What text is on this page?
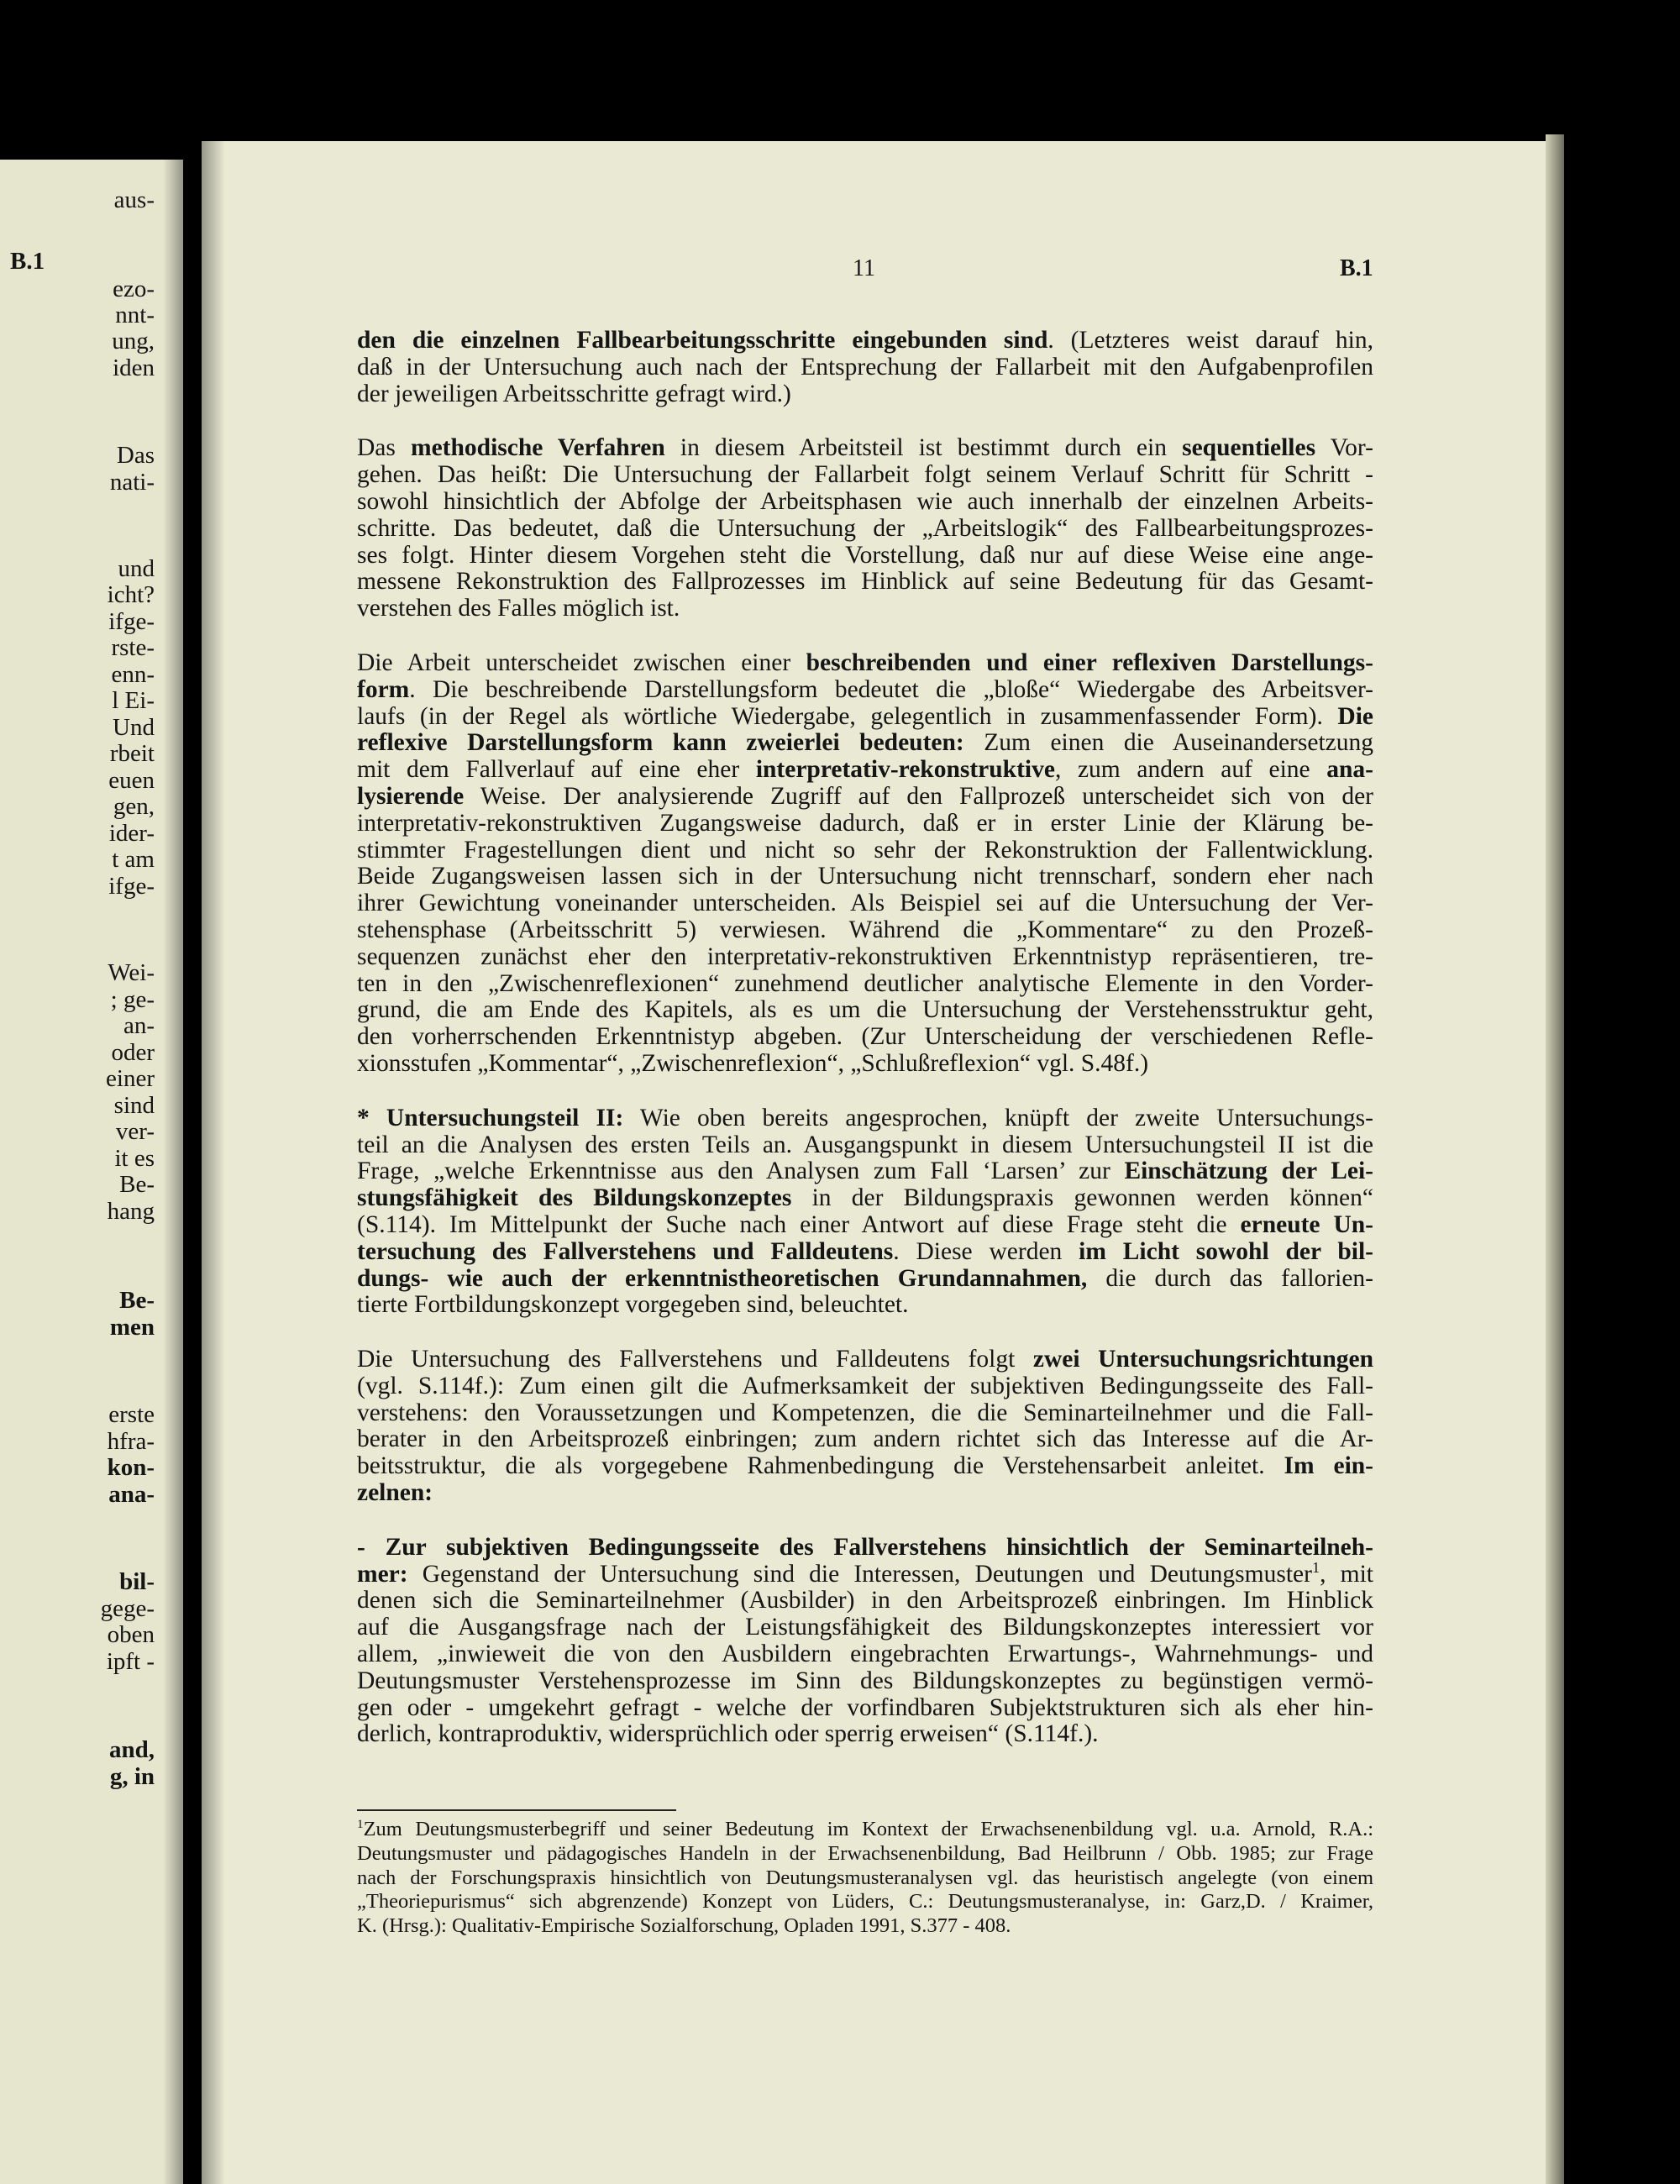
B.1
aus-
ezo-
nnt-
ung,
iden
Das
nati-
und
icht?
ifge-
rste-
enn-
l Ei-
Und
rbeit
euen
gen,
ider-
t am
ifge-
Wei-
; ge-
an-
oder
einer
sind
ver-
it es
Be-
hang
Be-
men
erste
hfra-
kon-
ana-
bil-
gege-
oben
ipft -
and,
g, in
11	B.1

den die einzelnen Fallbearbeitungsschritte eingebunden sind. (Letzteres weist darauf hin,
daß in der Untersuchung auch nach der Entsprechung der Fallarbeit mit den Aufgabenprofilen
der jeweiligen Arbeitsschritte gefragt wird.)

Das methodische Verfahren in diesem Arbeitsteil ist bestimmt durch ein sequentielles Vor-
gehen. Das heißt: Die Untersuchung der Fallarbeit folgt seinem Verlauf Schritt für Schritt -
sowohl hinsichtlich der Abfolge der Arbeitsphasen wie auch innerhalb der einzelnen Arbeits-
schritte. Das bedeutet, daß die Untersuchung der „Arbeitslogik“ des Fallbearbeitungsprozes-
ses folgt. Hinter diesem Vorgehen steht die Vorstellung, daß nur auf diese Weise eine ange-
messene Rekonstruktion des Fallprozesses im Hinblick auf seine Bedeutung für das Gesamt-
verstehen des Falles möglich ist.

Die Arbeit unterscheidet zwischen einer beschreibenden und einer reflexiven Darstellungs-
form. Die beschreibende Darstellungsform bedeutet die „bloße“ Wiedergabe des Arbeitsver-
laufs (in der Regel als wörtliche Wiedergabe, gelegentlich in zusammenfassender Form). Die
reflexive Darstellungsform kann zweierlei bedeuten: Zum einen die Auseinandersetzung
mit dem Fallverlauf auf eine eher interpretativ-rekonstruktive, zum andern auf eine ana-
lysierende Weise. Der analysierende Zugriff auf den Fallprozeß unterscheidet sich von der
interpretativ-rekonstruktiven Zugangsweise dadurch, daß er in erster Linie der Klärung be-
stimmter Fragestellungen dient und nicht so sehr der Rekonstruktion der Fallentwicklung.
Beide Zugangsweisen lassen sich in der Untersuchung nicht trennscharf, sondern eher nach
ihrer Gewichtung voneinander unterscheiden. Als Beispiel sei auf die Untersuchung der Ver-
stehensphase (Arbeitsschritt 5) verwiesen. Während die „Kommentare“ zu den Prozeß-
sequenzen zunächst eher den interpretativ-rekonstruktiven Erkenntnistyp repräsentieren, tre-
ten in den „Zwischenreflexionen“ zunehmend deutlicher analytische Elemente in den Vorder-
grund, die am Ende des Kapitels, als es um die Untersuchung der Verstehensstruktur geht,
den vorherrschenden Erkenntnistyp abgeben. (Zur Unterscheidung der verschiedenen Refle-
xionsstufen „Kommentar“, „Zwischenreflexion“, „Schlußreflexion“ vgl. S.48f.)

* Untersuchungsteil II: Wie oben bereits angesprochen, knüpft der zweite Untersuchungs-
teil an die Analysen des ersten Teils an. Ausgangspunkt in diesem Untersuchungsteil II ist die
Frage, „welche Erkenntnisse aus den Analysen zum Fall ‘Larsen’ zur Einschätzung der Lei-
stungsfähigkeit des Bildungskonzeptes in der Bildungspraxis gewonnen werden können“
(S.114). Im Mittelpunkt der Suche nach einer Antwort auf diese Frage steht die erneute Un-
tersuchung des Fallverstehens und Falldeutens. Diese werden im Licht sowohl der bil-
dungs- wie auch der erkenntnistheoretischen Grundannahmen, die durch das fallorien-
tierte Fortbildungskonzept vorgegeben sind, beleuchtet.

Die Untersuchung des Fallverstehens und Falldeutens folgt zwei Untersuchungsrichtungen
(vgl. S.114f.): Zum einen gilt die Aufmerksamkeit der subjektiven Bedingungsseite des Fall-
verstehens: den Voraussetzungen und Kompetenzen, die die Seminarteilnehmer und die Fall-
berater in den Arbeitsprozeß einbringen; zum andern richtet sich das Interesse auf die Ar-
beitsstruktur, die als vorgegebene Rahmenbedingung die Verstehensarbeit anleitet. Im ein-
zelnen:

- Zur subjektiven Bedingungsseite des Fallverstehens hinsichtlich der Seminarteilneh-
mer: Gegenstand der Untersuchung sind die Interessen, Deutungen und Deutungsmuster$^1$, mit
denen sich die Seminarteilnehmer (Ausbilder) in den Arbeitsprozeß einbringen. Im Hinblick
auf die Ausgangsfrage nach der Leistungsfähigkeit des Bildungskonzeptes interessiert vor
allem, „inwieweit die von den Ausbildern eingebrachten Erwartungs-, Wahrnehmungs- und
Deutungsmuster Verstehensprozesse im Sinn des Bildungskonzeptes zu begünstigen vermö-
gen oder - umgekehrt gefragt - welche der vorfindbaren Subjektstrukturen sich als eher hin-
derlich, kontraproduktiv, widersprüchlich oder sperrig erweisen“ (S.114f.).

$^1$Zum Deutungsmusterbegriff und seiner Bedeutung im Kontext der Erwachsenenbildung vgl. u.a. Arnold, R.A.:
Deutungsmuster und pädagogisches Handeln in der Erwachsenenbildung, Bad Heilbrunn / Obb. 1985; zur Frage
nach der Forschungspraxis hinsichtlich von Deutungsmusteranalysen vgl. das heuristisch angelegte (von einem
„Theoriepurismus“ sich abgrenzende) Konzept von Lüders, C.: Deutungsmusteranalyse, in: Garz,D. / Kraimer,
K. (Hrsg.): Qualitativ-Empirische Sozialforschung, Opladen 1991, S.377 - 408.
